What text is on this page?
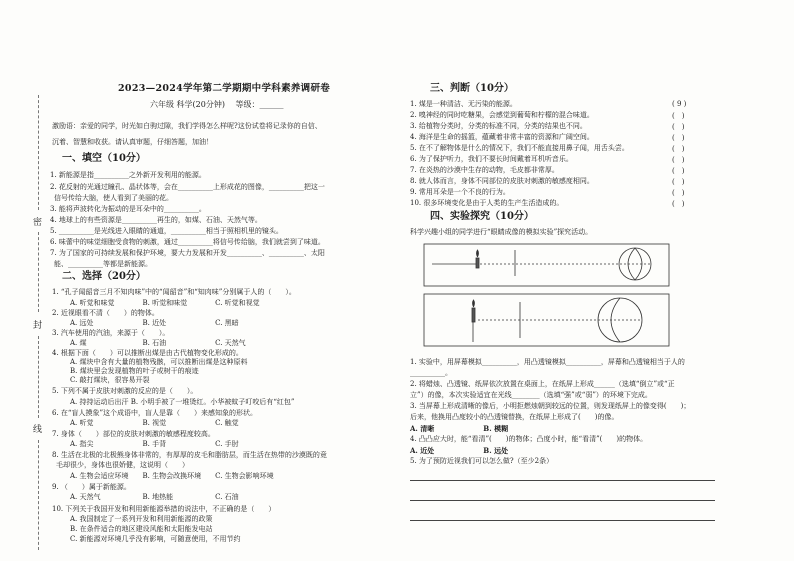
密
封
线
2023—2024学年第二学期期中学科素养调研卷
六年级 科学(20分钟)　 等级：______
激励语：亲爱的同学，时光如白驹过隙，我们学得怎么样呢?这份试卷将记录你的自信、
沉着、智慧和收获。请认真审题，仔细答题，加油！
一、填空（10分）
1. 新能源是指__________之外新开发利用的能源。
2. 花反射的光通过瞳孔、晶状体等，会在__________上形成花的图像，__________把这一
信号传给大脑，使人看到了美丽的花。
3. 能将声波转化为振动的是耳朵中的__________。
4. 地球上的有些资源是__________再生的，如煤、石油、天然气等。
5. __________是光线进入眼睛的通道，__________相当于照相机里的镜头。
6. 味蕾中的味觉细胞受食物的刺激，通过__________将信号传给脑，我们就尝到了味道。
7. 为了国家的可持续发展和保护环境，要大力发展和开发__________、__________、太阳
能、__________等都是新能源。
二、选择（20分）
1. “孔子闻韶音三月不知肉味”中的“闻韶音”和“知肉味”分别属于人的（　　）。
A. 听觉和味觉　　　　B. 听觉和味觉　　　　C. 听觉和视觉
2. 近视眼看不清（　　）的物体。
A. 远处　　　　　　　B. 近处　　　　　　　C. 黑暗
3. 汽车使用的汽油，来源于（　　）。
A. 煤　　　　　　　　B. 石油　　　　　　　C. 天然气
4. 根据下面（　　）可以推断出煤是由古代植物变化形成的。
A. 煤块中含有大量的植物残骸，可以推断出煤是这种原料
B. 煤块里会发现植物的叶子或树干的痕迹
C. 敲打煤块，很容易开裂
5. 下列不属于皮肤对刺激的反应的是（　　）。
A. 持持运动后出汗 B. 小明手被了一堆烫红。小华被蚊子叮咬后有“红包”
6. 在“盲人摸象”这个成语中，盲人是靠（　　）来感知象的形状。
A. 听觉　　　　　　　B. 视觉　　　　　　　C. 触觉
7. 身体（　　）部位的皮肤对刺激的敏感程度较高。
A. 指尖　　　　　　　B. 手背　　　　　　　C. 手肘
8. 生活在北极的北极熊身体非常的，有厚厚的皮毛和脂肪层，而生活在热带的沙漠既的竟
毛却很少，身体也很娇健，这说明（　　）
A. 生物会适应环境　　B. 生物会改换环境　　C. 生物会影响环境
9. （　　）属于新能源。
A. 天然气　　　　　　B. 地热能　　　　　　C. 石油
10. 下列关于我国开发和利用新能源举措的说法中，不正确的是（　　）
A. 我国制定了一系列开发和利用新能源的政策
B. 在条件适合的地区建设风能和太阳能发电站
C. 新能源对环境几乎没有影响，可随意使用，不用节约
三、判断（10分）
1. 煤是一种清洁、无污染的能源。	( 9 )
2. 嗅神经的同时吃糖果，会感觉到葡萄和柠檬的混合味道。	(　)
3. 给植物分类时，分类的标准不同，分类的结果也不同。	(　)
4. 海洋是生命的摇篮，蕴藏着非常丰富的资源和广阔空间。	(　)
5. 在不了解物体是什么的情况下，我们不能直接用鼻子闻，用舌头尝。	(　)
6. 为了保护听力，我们不要长时间戴着耳机听音乐。	(　)
7. 在炎热的沙漠中生存的动物，毛皮都非常厚。	(　)
8. 就人体而言，身体不同部位的皮肤对刺激的敏感度相同。	(　)
9. 常用耳朵是一个不良的行为。	(　)
10. 很多环境变化是由于人类的生产生活造成的。	(　)
四、实验探究（10分）
科学兴趣小组的同学进行“眼睛成像的模拟实验”探究活动。
1. 实验中，用屏幕模拟__________，用凸透镜模拟__________，屏幕和凸透镜相当于人的
__________。
2. 将蜡烛、凸透镜、纸屏依次放置在桌面上，在纸屏上形成______（选填“倒立”或“正
立”）的像，本次实验适宜在光线________（选填“强”或“弱”）的环境下完成。
3. 当屏幕上形成清晰的像后，小明拒燃烛朝到较远的位置，则发现纸屏上的像变得(　　)；
后来，他换用凸度较小的凸透镜替换，在纸屏上形成了(　　)的像。
A. 清晰　　　　　　　B. 模糊
4. 凸凸应大时，能“看清”(　　)的物体；凸度小时，能“看清”(　　)的物体。
A. 近处　　　　　　　B. 远处
5. 为了预防近视我们可以怎么做?（至少2条）
